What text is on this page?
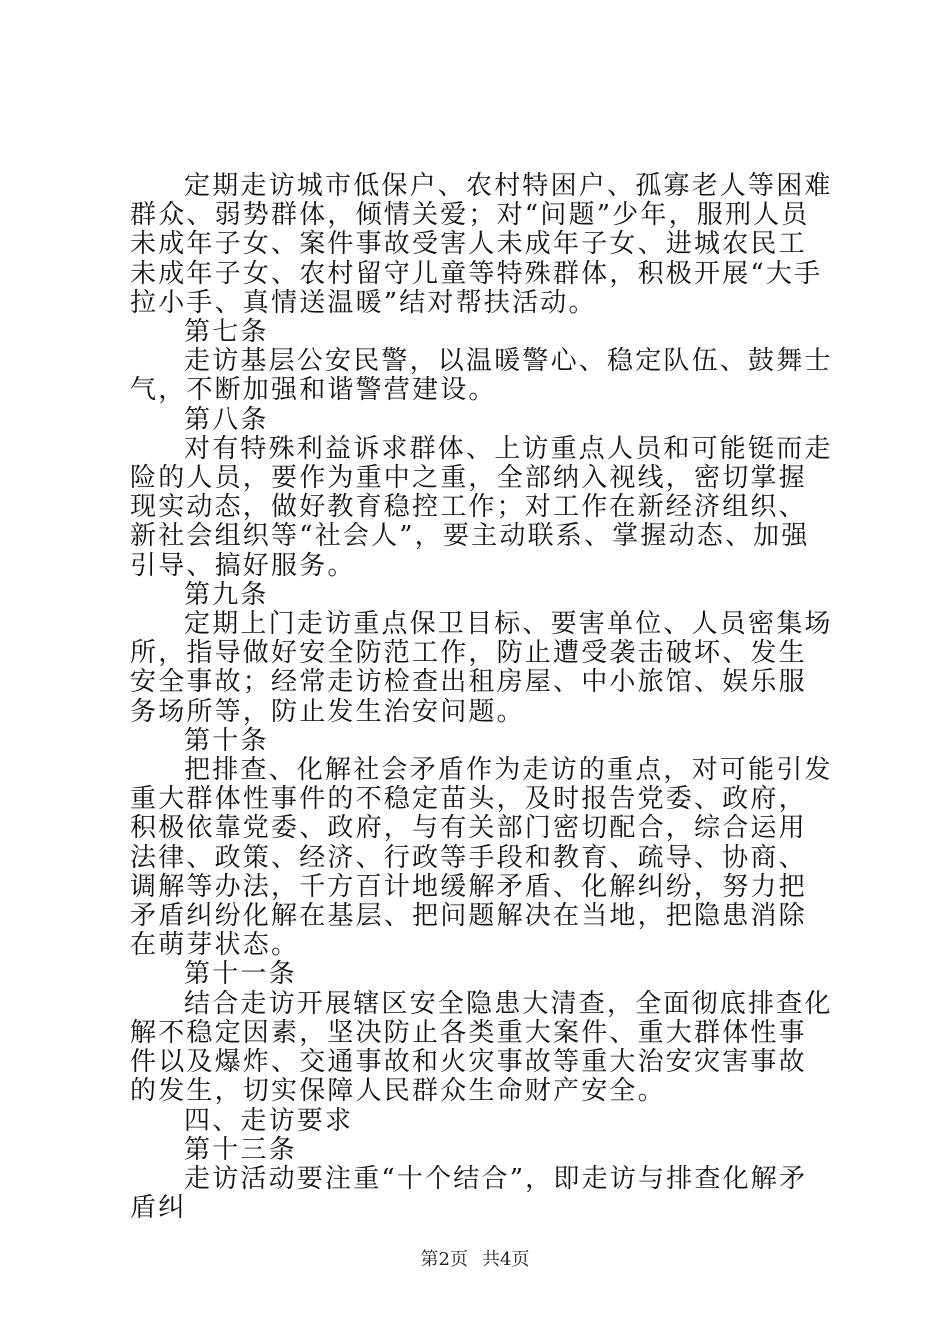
定期走访城市低保户、农村特困户、孤寡老人等困难群众、弱势群体，倾情关爱；对“问题”少年，服刑人员未成年子女、案件事故受害人未成年子女、进城农民工未成年子女、农村留守儿童等特殊群体，积极开展“大手拉小手、真情送温暖”结对帮扶活动。

第七条

走访基层公安民警，以温暖警心、稳定队伍、鼓舞士气，不断加强和谐警营建设。

第八条

对有特殊利益诉求群体、上访重点人员和可能铤而走险的人员，要作为重中之重，全部纳入视线，密切掌握现实动态，做好教育稳控工作；对工作在新经济组织、新社会组织等“社会人”，要主动联系、掌握动态、加强引导、搞好服务。

第九条

定期上门走访重点保卫目标、要害单位、人员密集场所，指导做好安全防范工作，防止遭受袭击破坏、发生安全事故；经常走访检查出租房屋、中小旅馆、娱乐服务场所等，防止发生治安问题。

第十条

把排查、化解社会矛盾作为走访的重点，对可能引发重大群体性事件的不稳定苗头，及时报告党委、政府，积极依靠党委、政府，与有关部门密切配合，综合运用法律、政策、经济、行政等手段和教育、疏导、协商、调解等办法，千方百计地缓解矛盾、化解纠纷，努力把矛盾纠纷化解在基层、把问题解决在当地，把隐患消除在萌芽状态。

第十一条

结合走访开展辖区安全隐患大清查，全面彻底排查化解不稳定因素，坚决防止各类重大案件、重大群体性事件以及爆炸、交通事故和火灾事故等重大治安灾害事故的发生，切实保障人民群众生命财产安全。

四、走访要求

第十三条

走访活动要注重“十个结合”，即走访与排查化解矛盾纠

第2页 共4页
